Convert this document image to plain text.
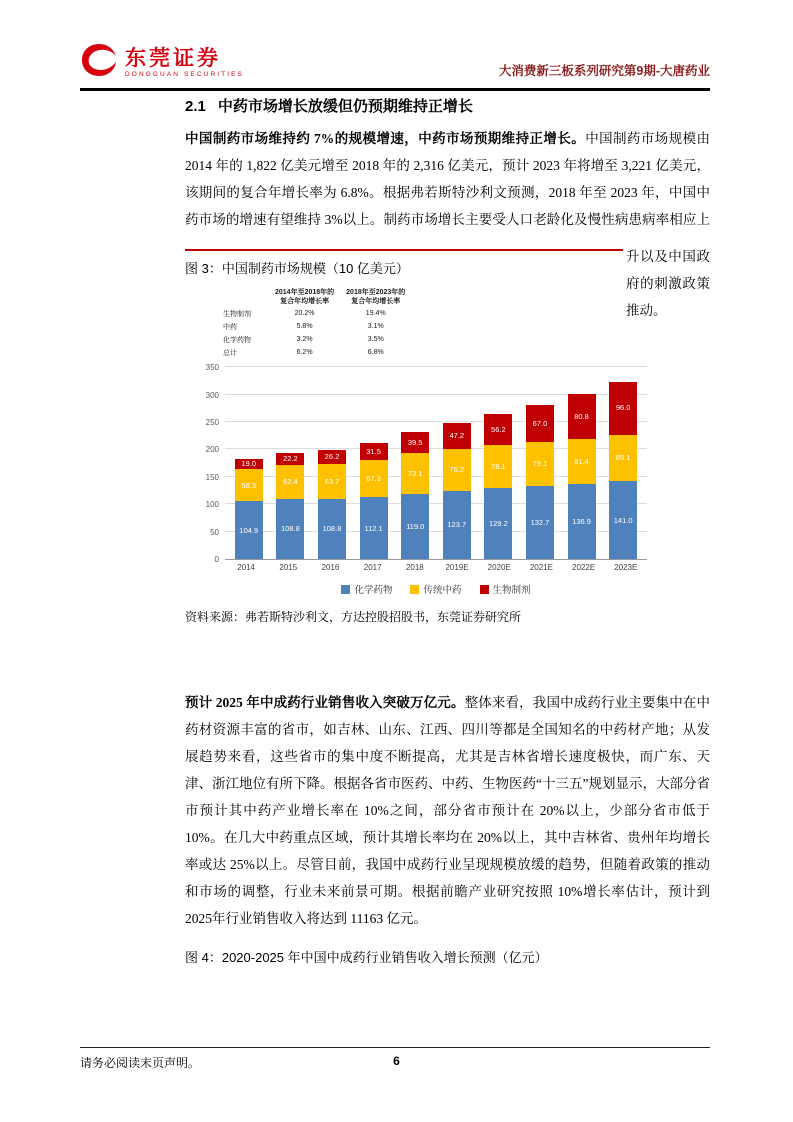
东莞证券
DONGGUAN SECURITIES	大消费新三板系列研究第9期-大唐药业
2.1 中药市场增长放缓但仍预期维持正增长

中国制药市场维持约 7%的规模增速，中药市场预期维持正增长。中国制药市场规模由2014 年的 1,822 亿美元增至 2018 年的 2,316 亿美元，预计 2023 年将增至 3,221 亿美元，该期间的复合年增长率为 6.8%。根据弗若斯特沙利文预测，2018 年至 2023 年，中国中药市场的增速有望维持 3%以上。制药市场增长主要受人口老龄化及慢性病患病率相应上

升以及中国政府的刺激政策推动。
图 3：中国制药市场规模（10 亿美元）
	2014年至2018年的
复合年均增长率	2018年至2023年的
复合年均增长率
生物制剂	20.2%	19.4%
中药	5.8%	3.1%
化学药物	3.2%	3.5%
总计	6.2%	6.8%
0
50
100
150
200
250
300
350
19.0
58.3
104.9
22.2
62.4
108.8
26.2
63.7
108.8
31.5
67.3
112.1
39.5
73.1
119.0
47.2
76.2
123.7
56.2
78.1
129.2
67.0
79.1
132.7
80.8
81.4
136.9
96.0
85.1
141.0
2014	2015	2016	2017	2018	2019E	2020E	2021E	2022E	2023E
化学药物	传统中药	生物制剂
资料来源：弗若斯特沙利文，方达控股招股书，东莞证券研究所

预计 2025 年中成药行业销售收入突破万亿元。整体来看，我国中成药行业主要集中在中药材资源丰富的省市，如吉林、山东、江西、四川等都是全国知名的中药材产地；从发展趋势来看，这些省市的集中度不断提高，尤其是吉林省增长速度极快，而广东、天津、浙江地位有所下降。根据各省市医药、中药、生物医药“十三五”规划显示，大部分省市预计其中药产业增长率在 10%之间，部分省市预计在 20%以上，少部分省市低于10%。在几大中药重点区域，预计其增长率均在 20%以上，其中吉林省、贵州年均增长率或达 25%以上。尽管目前，我国中成药行业呈现规模放缓的趋势，但随着政策的推动和市场的调整，行业未来前景可期。根据前瞻产业研究按照 10%增长率估计，预计到 2025年行业销售收入将达到 11163 亿元。

图 4：2020-2025 年中国中成药行业销售收入增长预测（亿元）
请务必阅读末页声明。	6
